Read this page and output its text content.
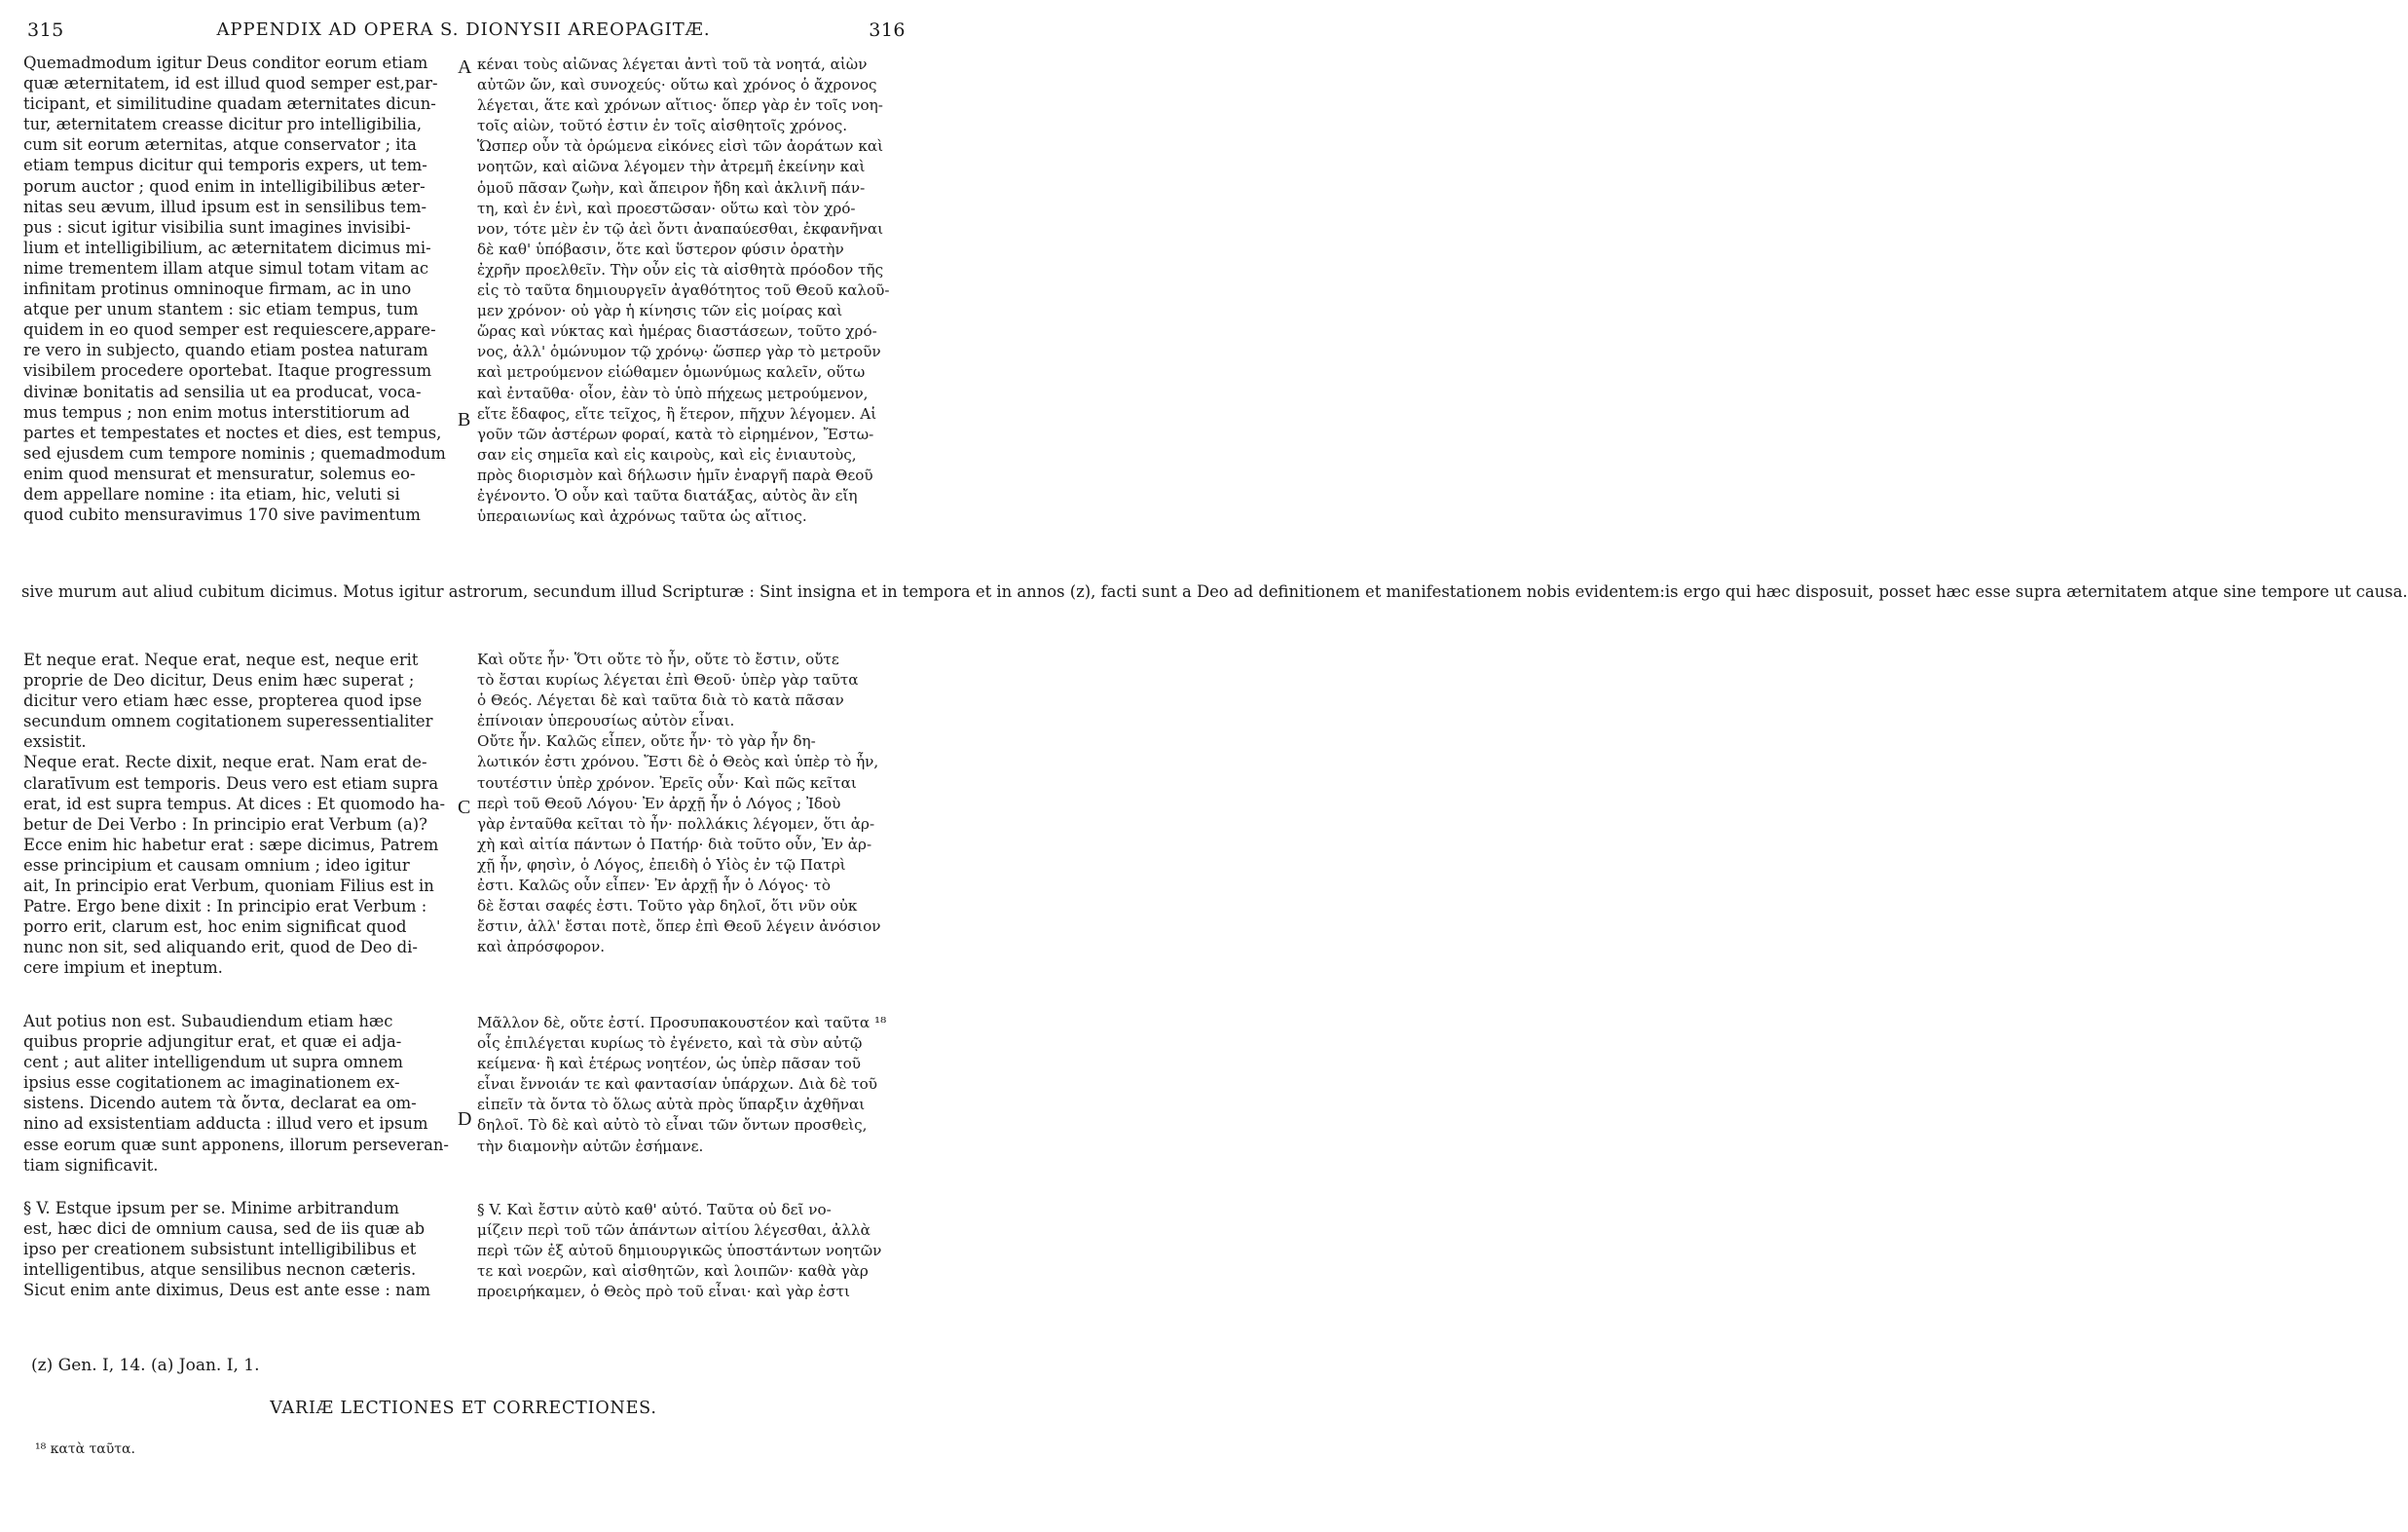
315	APPENDIX AD OPERA S. DIONYSII AREOPAGITÆ.	316
A
B
C
D
Quemadmodum igitur Deus conditor eorum etiam
quæ æternitatem, id est illud quod semper est,par-
ticipant, et similitudine quadam æternitates dicun-
tur, æternitatem creasse dicitur pro intelligibilia,
cum sit eorum æternitas, atque conservator ; ita
etiam tempus dicitur qui temporis expers, ut tem-
porum auctor ; quod enim in intelligibilibus æter-
nitas seu ævum, illud ipsum est in sensilibus tem-
pus : sicut igitur visibilia sunt imagines invisibi-
lium et intelligibilium, ac æternitatem dicimus mi-
nime trementem illam atque simul totam vitam ac
infinitam protinus omninoque firmam, ac in uno
atque per unum stantem : sic etiam tempus, tum
quidem in eo quod semper est requiescere,appare-
re vero in subjecto, quando etiam postea naturam
visibilem procedere oportebat. Itaque progressum
divinæ bonitatis ad sensilia ut ea producat, voca-
mus tempus ; non enim motus interstitiorum ad
partes et tempestates et noctes et dies, est tempus,
sed ejusdem cum tempore nominis ; quemadmodum
enim quod mensurat et mensuratur, solemus eo-
dem appellare nomine : ita etiam, hic, veluti si
quod cubito mensuravimus 170 sive pavimentum
κέναι τοὺς αἰῶνας λέγεται ἀντὶ τοῦ τὰ νοητά, αἰὼν
αὐτῶν ὤν, καὶ συνοχεύς· οὕτω καὶ χρόνος ὁ ἄχρονος
λέγεται, ἅτε καὶ χρόνων αἴτιος· ὅπερ γὰρ ἐν τοῖς νοη-
τοῖς αἰὼν, τοῦτό ἐστιν ἐν τοῖς αἰσθητοῖς χρόνος.
Ὥσπερ οὖν τὰ ὁρώμενα εἰκόνες εἰσὶ τῶν ἀοράτων καὶ
νοητῶν, καὶ αἰῶνα λέγομεν τὴν ἀτρεμῆ ἐκείνην καὶ
ὁμοῦ πᾶσαν ζωὴν, καὶ ἄπειρον ἤδη καὶ ἀκλινῆ πάν-
τη, καὶ ἐν ἑνὶ, καὶ προεστῶσαν· οὕτω καὶ τὸν χρό-
νον, τότε μὲν ἐν τῷ ἀεὶ ὄντι ἀναπαύεσθαι, ἐκφανῆναι
δὲ καθ' ὑπόβασιν, ὅτε καὶ ὕστερον φύσιν ὁρατὴν
ἐχρῆν προελθεῖν. Τὴν οὖν εἰς τὰ αἰσθητὰ πρόοδον τῆς
εἰς τὸ ταῦτα δημιουργεῖν ἀγαθότητος τοῦ Θεοῦ καλοῦ-
μεν χρόνον· οὐ γὰρ ἡ κίνησις τῶν εἰς μοίρας καὶ
ὥρας καὶ νύκτας καὶ ἡμέρας διαστάσεων, τοῦτο χρό-
νος, ἀλλ' ὁμώνυμον τῷ χρόνῳ· ὥσπερ γὰρ τὸ μετροῦν
καὶ μετρούμενον εἰώθαμεν ὁμωνύμως καλεῖν, οὕτω
καὶ ἐνταῦθα· οἷον, ἐὰν τὸ ὑπὸ πήχεως μετρούμενον,
εἴτε ἔδαφος, εἴτε τεῖχος, ἢ ἕτερον, πῆχυν λέγομεν. Αἱ
γοῦν τῶν ἀστέρων φοραί, κατὰ τὸ εἰρημένον, Ἔστω-
σαν εἰς σημεῖα καὶ εἰς καιροὺς, καὶ εἰς ἐνιαυτοὺς,
πρὸς διορισμὸν καὶ δήλωσιν ἡμῖν ἐναργῆ παρὰ Θεοῦ
ἐγένοντο. Ὁ οὖν καὶ ταῦτα διατάξας, αὐτὸς ἂν εἴη
ὑπεραιωνίως καὶ ἀχρόνως ταῦτα ὡς αἴτιος.
sive murum aut aliud cubitum dicimus. Motus igitur astrorum, secundum illud Scripturæ : Sint insigna et in tempora et in annos (z), facti sunt a Deo ad definitionem et manifestationem nobis evidentem:is ergo qui hæc disposuit, posset hæc esse supra æternitatem atque sine tempore ut causa.
Et neque erat. Neque erat, neque est, neque erit
proprie de Deo dicitur, Deus enim hæc superat ;
dicitur vero etiam hæc esse, propterea quod ipse
secundum omnem cogitationem superessentialiter
exsistit.
Neque erat. Recte dixit, neque erat. Nam erat de-
claratīvum est temporis. Deus vero est etiam supra
erat, id est supra tempus. At dices : Et quomodo ha-
betur de Dei Verbo : In principio erat Verbum (a)?
Ecce enim hic habetur erat : sæpe dicimus, Patrem
esse principium et causam omnium ; ideo igitur
ait, In principio erat Verbum, quoniam Filius est in
Patre. Ergo bene dixit : In principio erat Verbum :
porro erit, clarum est, hoc enim significat quod
nunc non sit, sed aliquando erit, quod de Deo di-
cere impium et ineptum.
Καὶ οὔτε ἦν· Ὅτι οὔτε τὸ ἦν, οὔτε τὸ ἔστιν, οὔτε
τὸ ἔσται κυρίως λέγεται ἐπὶ Θεοῦ· ὑπὲρ γὰρ ταῦτα
ὁ Θεός. Λέγεται δὲ καὶ ταῦτα διὰ τὸ κατὰ πᾶσαν
ἐπίνοιαν ὑπερουσίως αὐτὸν εἶναι.
Οὔτε ἦν. Καλῶς εἶπεν, οὔτε ἦν· τὸ γὰρ ἦν δη-
λωτικόν ἐστι χρόνου. Ἔστι δὲ ὁ Θεὸς καὶ ὑπὲρ τὸ ἦν,
τουτέστιν ὑπὲρ χρόνον. Ἐρεῖς οὖν· Καὶ πῶς κεῖται
περὶ τοῦ Θεοῦ Λόγου· Ἐν ἀρχῇ ἦν ὁ Λόγος ; Ἰδοὺ
γὰρ ἐνταῦθα κεῖται τὸ ἦν· πολλάκις λέγομεν, ὅτι ἀρ-
χὴ καὶ αἰτία πάντων ὁ Πατήρ· διὰ τοῦτο οὖν, Ἐν ἀρ-
χῇ ἦν, φησὶν, ὁ Λόγος, ἐπειδὴ ὁ Υἱὸς ἐν τῷ Πατρὶ
ἐστι. Καλῶς οὖν εἶπεν· Ἐν ἀρχῇ ἦν ὁ Λόγος· τὸ
δὲ ἔσται σαφές ἐστι. Τοῦτο γὰρ δηλοῖ, ὅτι νῦν οὐκ
ἔστιν, ἀλλ' ἔσται ποτὲ, ὅπερ ἐπὶ Θεοῦ λέγειν ἀνόσιον
καὶ ἀπρόσφορον.
Aut potius non est. Subaudiendum etiam hæc
quibus proprie adjungitur erat, et quæ ei adja-
cent ; aut aliter intelligendum ut supra omnem
ipsius esse cogitationem ac imaginationem ex-
sistens. Dicendo autem τὰ ὄντα, declarat ea om-
nino ad exsistentiam adducta : illud vero et ipsum
esse eorum quæ sunt apponens, illorum perseveran-
tiam significavit.
Μᾶλλον δὲ, οὔτε ἐστί. Προσυπακουστέον καὶ ταῦτα ¹⁸
οἷς ἐπιλέγεται κυρίως τὸ ἐγένετο, καὶ τὰ σὺν αὐτῷ
κείμενα· ἢ καὶ ἑτέρως νοητέον, ὡς ὑπὲρ πᾶσαν τοῦ
εἶναι ἔννοιάν τε καὶ φαντασίαν ὑπάρχων. Διὰ δὲ τοῦ
εἰπεῖν τὰ ὄντα τὸ ὅλως αὐτὰ πρὸς ὕπαρξιν ἀχθῆναι
δηλοῖ. Τὸ δὲ καὶ αὐτὸ τὸ εἶναι τῶν ὄντων προσθεὶς,
τὴν διαμονὴν αὐτῶν ἐσήμανε.
§ V. Estque ipsum per se. Minime arbitrandum
est, hæc dici de omnium causa, sed de iis quæ ab
ipso per creationem subsistunt intelligibilibus et
intelligentibus, atque sensilibus necnon cæteris.
Sicut enim ante diximus, Deus est ante esse : nam
§ V. Καὶ ἔστιν αὐτὸ καθ' αὑτό. Ταῦτα οὐ δεῖ νο-
μίζειν περὶ τοῦ τῶν ἁπάντων αἰτίου λέγεσθαι, ἀλλὰ
περὶ τῶν ἐξ αὐτοῦ δημιουργικῶς ὑποστάντων νοητῶν
τε καὶ νοερῶν, καὶ αἰσθητῶν, καὶ λοιπῶν· καθὰ γὰρ
προειρήκαμεν, ὁ Θεὸς πρὸ τοῦ εἶναι· καὶ γὰρ ἐστι
(z) Gen. I, 14. (a) Joan. I, 1.
VARIÆ LECTIONES ET CORRECTIONES.
¹⁸ κατὰ ταῦτα.
